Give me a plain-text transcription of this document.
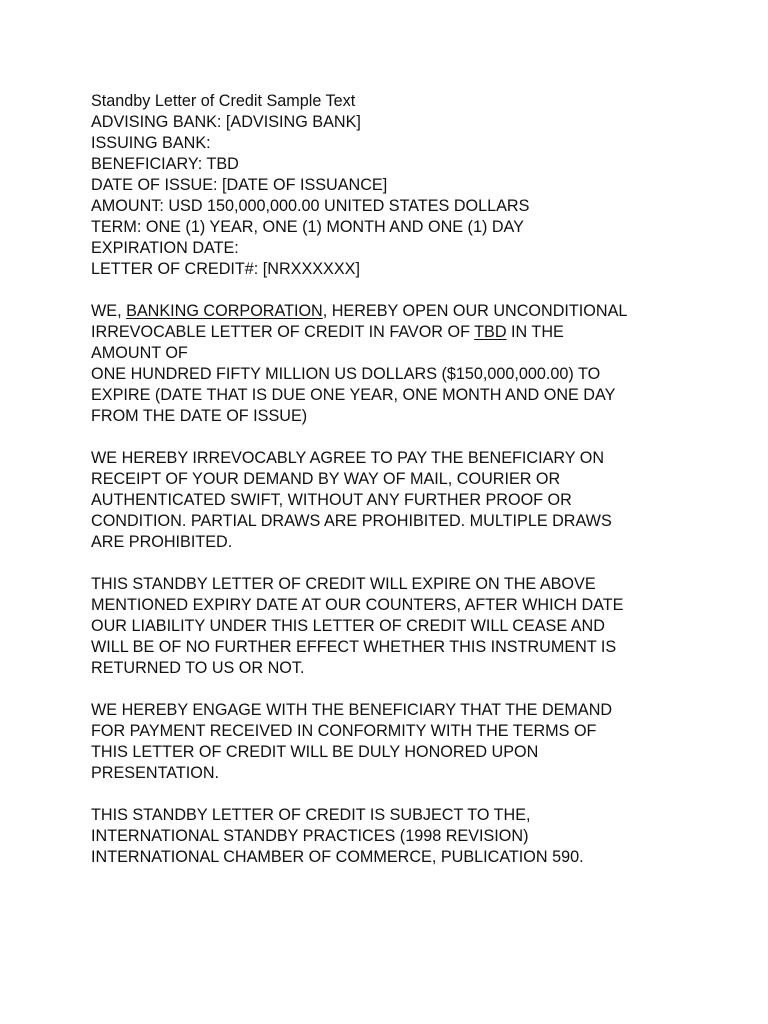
Standby Letter of Credit Sample Text
ADVISING BANK: [ADVISING BANK]
ISSUING BANK:
BENEFICIARY: TBD
DATE OF ISSUE: [DATE OF ISSUANCE]
AMOUNT: USD 150,000,000.00 UNITED STATES DOLLARS
TERM: ONE (1) YEAR, ONE (1) MONTH AND ONE (1) DAY
EXPIRATION DATE:
LETTER OF CREDIT#: [NRXXXXXX]
WE, BANKING CORPORATION, HEREBY OPEN OUR UNCONDITIONAL
IRREVOCABLE LETTER OF CREDIT IN FAVOR OF TBD IN THE
AMOUNT OF
ONE HUNDRED FIFTY MILLION US DOLLARS ($150,000,000.00) TO
EXPIRE (DATE THAT IS DUE ONE YEAR, ONE MONTH AND ONE DAY
FROM THE DATE OF ISSUE)
WE HEREBY IRREVOCABLY AGREE TO PAY THE BENEFICIARY ON
RECEIPT OF YOUR DEMAND BY WAY OF MAIL, COURIER OR
AUTHENTICATED SWIFT, WITHOUT ANY FURTHER PROOF OR
CONDITION. PARTIAL DRAWS ARE PROHIBITED. MULTIPLE DRAWS
ARE PROHIBITED.
THIS STANDBY LETTER OF CREDIT WILL EXPIRE ON THE ABOVE
MENTIONED EXPIRY DATE AT OUR COUNTERS, AFTER WHICH DATE
OUR LIABILITY UNDER THIS LETTER OF CREDIT WILL CEASE AND
WILL BE OF NO FURTHER EFFECT WHETHER THIS INSTRUMENT IS
RETURNED TO US OR NOT.
WE HEREBY ENGAGE WITH THE BENEFICIARY THAT THE DEMAND
FOR PAYMENT RECEIVED IN CONFORMITY WITH THE TERMS OF
THIS LETTER OF CREDIT WILL BE DULY HONORED UPON
PRESENTATION.
THIS STANDBY LETTER OF CREDIT IS SUBJECT TO THE,
INTERNATIONAL STANDBY PRACTICES (1998 REVISION)
INTERNATIONAL CHAMBER OF COMMERCE, PUBLICATION 590.
